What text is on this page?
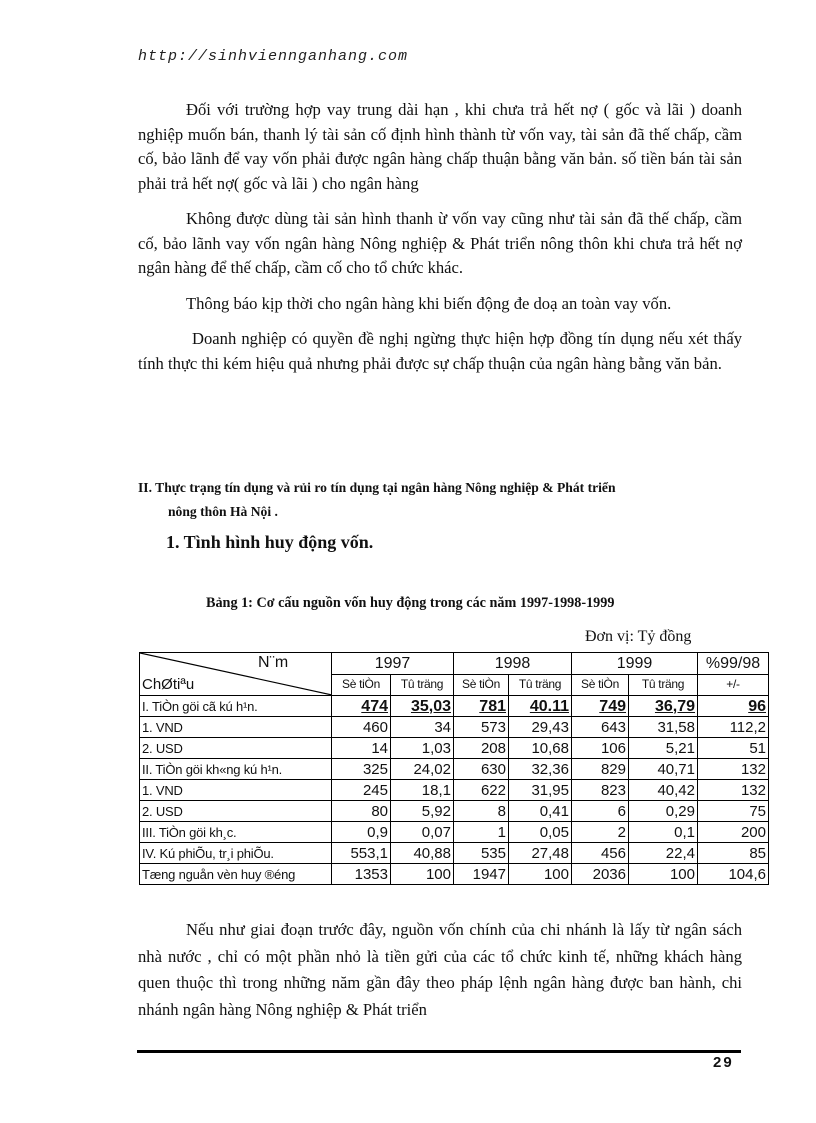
http://sinhviennganhang.com

Đối với trường hợp vay trung dài hạn , khi chưa trả hết nợ ( gốc và lãi ) doanh nghiệp muốn bán, thanh lý tài sản cố định hình thành từ vốn vay, tài sản đã thế chấp, cầm cố, bảo lãnh để vay vốn phải được ngân hàng chấp thuận bằng văn bản. số tiền bán tài sản phải trả hết nợ( gốc và lãi ) cho ngân hàng

Không được dùng tài sản hình thanh ừ vốn vay cũng như tài sản đã thế chấp, cầm cố, bảo lãnh vay vốn ngân hàng Nông nghiệp & Phát triển nông thôn khi chưa trả hết nợ ngân hàng để thế chấp, cầm cố cho tổ chức khác.

Thông báo kịp thời cho ngân hàng khi biến động đe doạ an toàn vay vốn.

Doanh nghiệp có quyền đề nghị ngừng thực hiện hợp đồng tín dụng nếu xét thấy tính thực thi kém hiệu quả nhưng phải được sự chấp thuận của ngân hàng bằng văn bản.

II. Thực trạng tín dụng và rủi ro tín dụng tại ngân hàng Nông nghiệp & Phát triển
nông thôn Hà Nội .
1. Tình hình huy động vốn.
Bảng 1: Cơ cấu nguồn vốn huy động trong các năm 1997-1998-1999
Đơn vị: Tỷ đồng
N¨m
ChØtiªu	1997		1998		1999		%99/98
	Sè tiÒn	Tû träng	Sè tiÒn	Tû träng	Sè tiÒn	Tû träng	+/-
I. TiÒn göi cã kú h¹n.	474	35,03	781	40.11	749	36,79	96
1. VND	460	34	573	29,43	643	31,58	112,2
2. USD	14	1,03	208	10,68	106	5,21	51
II. TiÒn göi kh«ng kú h¹n.	325	24,02	630	32,36	829	40,71	132
1. VND	245	18,1	622	31,95	823	40,42	132
2. USD	80	5,92	8	0,41	6	0,29	75
III. TiÒn göi kh¸c.	0,9	0,07	1	0,05	2	0,1	200
IV. Kú phiÕu, tr¸i phiÕu.	553,1	40,88	535	27,48	456	22,4	85
Tæng nguån vèn huy ®éng	1353	100	1947	100	2036	100	104,6

Nếu như giai đoạn trước đây, nguồn vốn chính của chi nhánh là lấy từ ngân sách nhà nước , chỉ có một phần nhỏ là tiền gửi của các tổ chức kinh tế, những khách hàng quen thuộc thì trong những năm gần đây theo pháp lệnh ngân hàng được ban hành, chi nhánh ngân hàng Nông nghiệp & Phát triển

29
